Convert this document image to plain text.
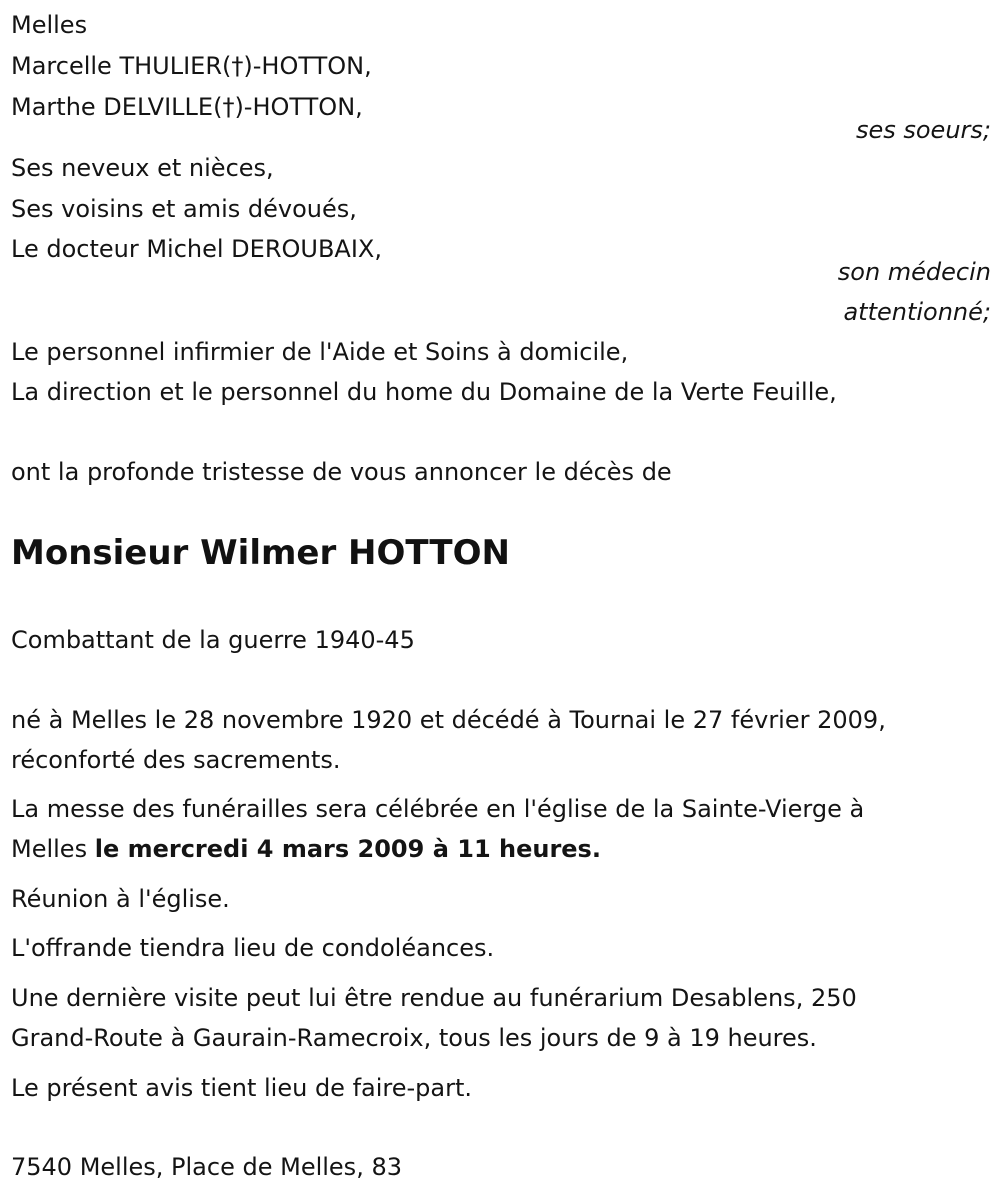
Melles
Marcelle THULIER(†)-HOTTON,
Marthe DELVILLE(†)-HOTTON,
ses soeurs;
Ses neveux et nièces,
Ses voisins et amis dévoués,
Le docteur Michel DEROUBAIX,
son médecin
attentionné;
Le personnel infirmier de l'Aide et Soins à domicile,
La direction et le personnel du home du Domaine de la Verte Feuille,
ont la profonde tristesse de vous annoncer le décès de
Monsieur Wilmer HOTTON
Combattant de la guerre 1940-45
né à Melles le 28 novembre 1920 et décédé à Tournai le 27 février 2009,
réconforté des sacrements.
La messe des funérailles sera célébrée en l'église de la Sainte-Vierge à
Melles le mercredi 4 mars 2009 à 11 heures.
Réunion à l'église.
L'offrande tiendra lieu de condoléances.
Une dernière visite peut lui être rendue au funérarium Desablens, 250
Grand-Route à Gaurain-Ramecroix, tous les jours de 9 à 19 heures.
Le présent avis tient lieu de faire-part.
7540 Melles, Place de Melles, 83
